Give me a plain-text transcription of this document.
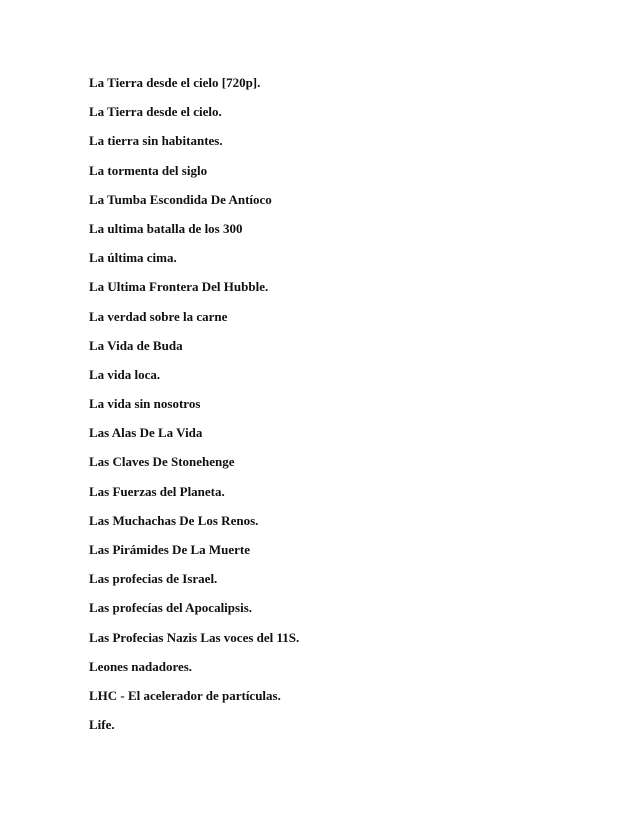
La Tierra desde el cielo [720p].
La Tierra desde el cielo.
La tierra sin habitantes.
La tormenta del siglo
La Tumba Escondida De Antíoco
La ultima batalla de los 300
La última cima.
La Ultima Frontera Del Hubble.
La verdad sobre la carne
La Vida de Buda
La vida loca.
La vida sin nosotros
Las Alas De La Vida
Las Claves De Stonehenge
Las Fuerzas del Planeta.
Las Muchachas De Los Renos.
Las Pirámides De La Muerte
Las profecias de Israel.
Las profecías del Apocalipsis.
Las Profecias Nazis Las voces del 11S.
Leones nadadores.
LHC - El acelerador de partículas.
Life.
